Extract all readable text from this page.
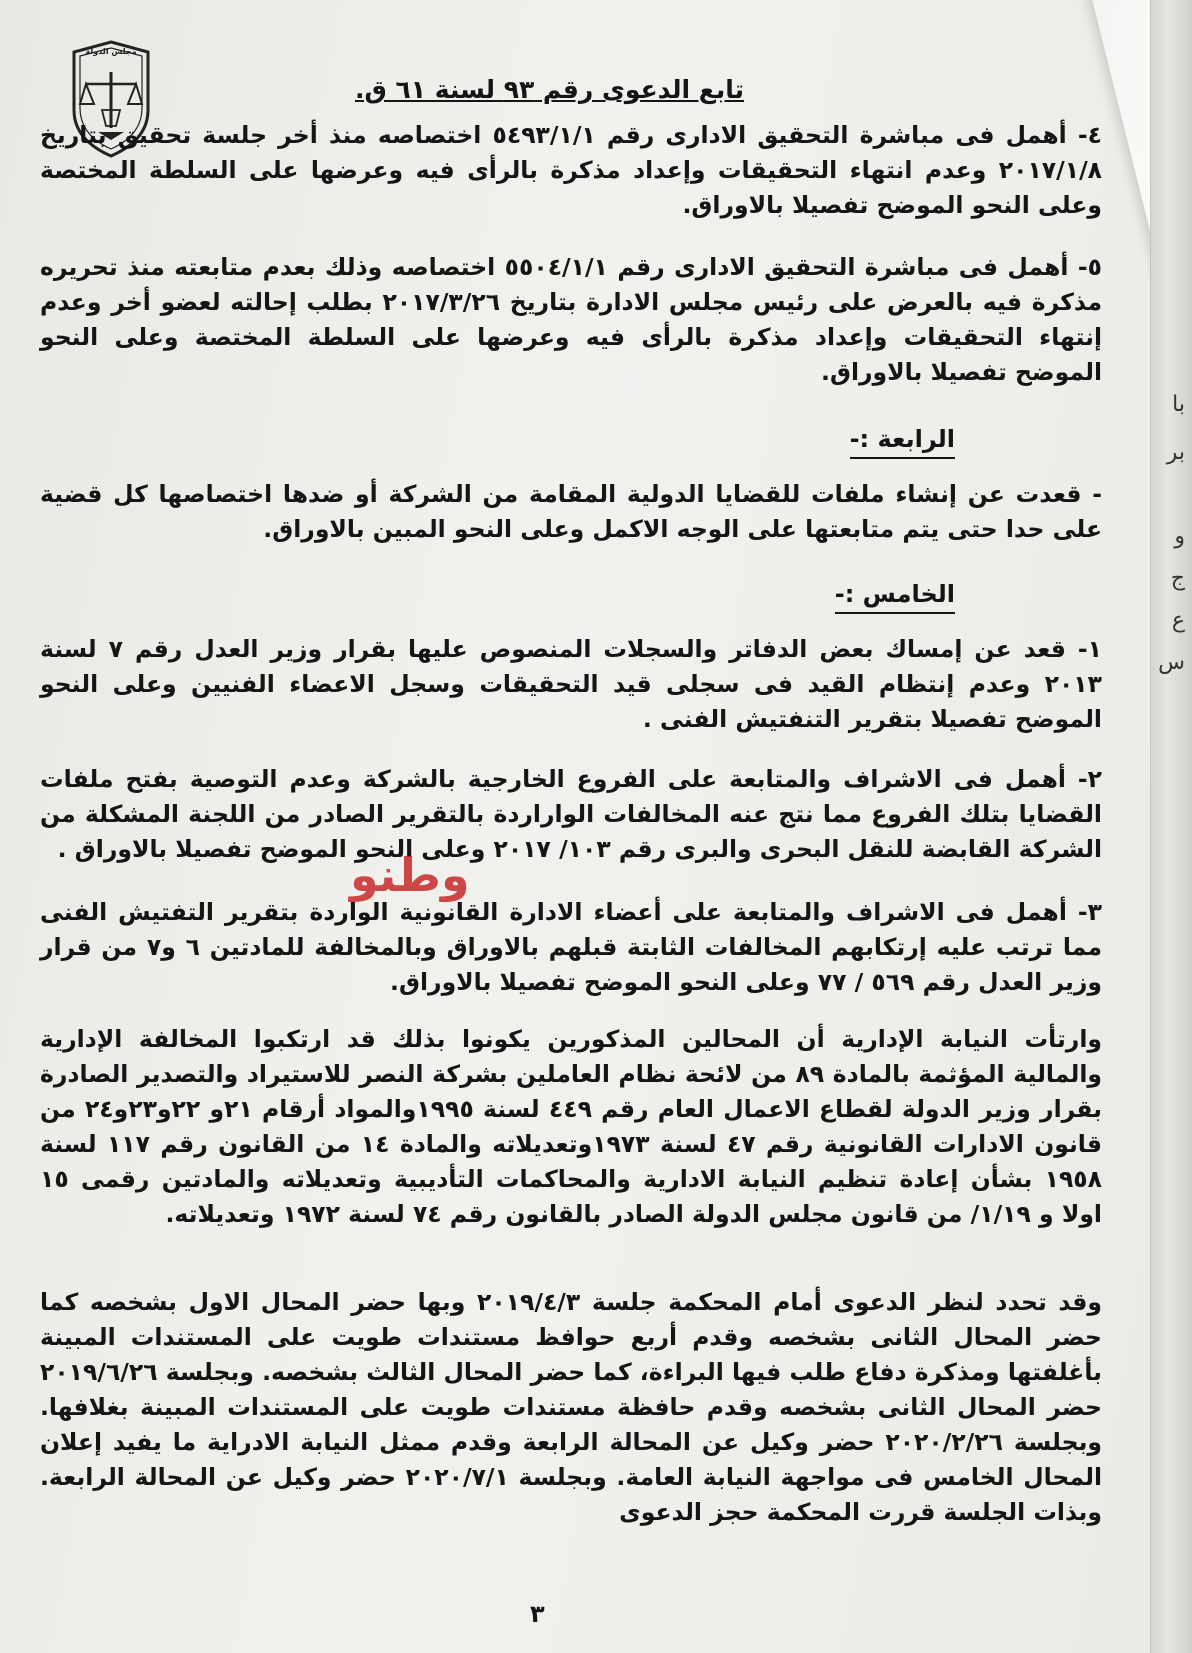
مجلس الدولة
تابع الدعوى رقم ٩٣ لسنة ٦١ ق.
٤- أهمل فى مباشرة التحقيق الادارى رقم ٥٤٩٣/١/١ اختصاصه منذ أخر جلسة تحقيق بتاريخ ٢٠١٧/١/٨ وعدم انتهاء التحقيقات وإعداد مذكرة بالرأى فيه وعرضها على السلطة المختصة وعلى النحو الموضح تفصيلا بالاوراق.
٥- أهمل فى مباشرة التحقيق الادارى رقم ٥٥٠٤/١/١ اختصاصه وذلك بعدم متابعته منذ تحريره مذكرة فيه بالعرض على رئيس مجلس الادارة بتاريخ ٢٠١٧/٣/٢٦ بطلب إحالته لعضو أخر وعدم إنتهاء التحقيقات وإعداد مذكرة بالرأى فيه وعرضها على السلطة المختصة وعلى النحو الموضح تفصيلا بالاوراق.
الرابعة :-
- قعدت عن إنشاء ملفات للقضايا الدولية المقامة من الشركة أو ضدها اختصاصها كل قضية على حدا حتى يتم متابعتها على الوجه الاكمل وعلى النحو المبين بالاوراق.
الخامس :-
١- قعد عن إمساك بعض الدفاتر والسجلات المنصوص عليها بقرار وزير العدل رقم ٧ لسنة ٢٠١٣ وعدم إنتظام القيد فى سجلى قيد التحقيقات وسجل الاعضاء الفنيين وعلى النحو الموضح تفصيلا بتقرير التنفتيش الفنى .
٢- أهمل فى الاشراف والمتابعة على الفروع الخارجية بالشركة وعدم التوصية بفتح ملفات القضايا بتلك الفروع مما نتج عنه المخالفات الواراردة بالتقرير الصادر من اللجنة المشكلة من الشركة القابضة للنقل البحرى والبرى رقم ١٠٣/ ٢٠١٧ وعلى النحو الموضح تفصيلا بالاوراق .
٣- أهمل فى الاشراف والمتابعة على أعضاء الادارة القانونية الواردة بتقرير التفتيش الفنى مما ترتب عليه إرتكابهم المخالفات الثابتة قبلهم بالاوراق وبالمخالفة للمادتين ٦ و٧ من قرار وزير العدل رقم ٥٦٩ / ٧٧ وعلى النحو الموضح تفصيلا بالاوراق.
وارتأت النيابة الإدارية أن المحالين المذكورين يكونوا بذلك قد ارتكبوا المخالفة الإدارية والمالية المؤثمة بالمادة ٨٩ من لائحة نظام العاملين بشركة النصر للاستيراد والتصدير الصادرة بقرار وزير الدولة لقطاع الاعمال العام رقم ٤٤٩ لسنة ١٩٩٥والمواد أرقام ٢١و ٢٢و٢٣و٢٤ من قانون الادارات القانونية رقم ٤٧ لسنة ١٩٧٣وتعديلاته والمادة ١٤ من القانون رقم ١١٧ لسنة ١٩٥٨ بشأن إعادة تنظيم النيابة الادارية والمحاكمات التأديبية وتعديلاته والمادتين رقمى ١٥ اولا و ١/١٩/ من قانون مجلس الدولة الصادر بالقانون رقم ٧٤ لسنة ١٩٧٢ وتعديلاته.
وقد تحدد لنظر الدعوى أمام المحكمة جلسة ٢٠١٩/٤/٣ وبها حضر المحال الاول بشخصه كما حضر المحال الثانى بشخصه وقدم أربع حوافظ مستندات طويت على المستندات المبينة بأغلفتها ومذكرة دفاع طلب فيها البراءة، كما حضر المحال الثالث بشخصه. وبجلسة ٢٠١٩/٦/٢٦ حضر المحال الثانى بشخصه وقدم حافظة مستندات طويت على المستندات المبينة بغلافها. وبجلسة ٢٠٢٠/٢/٢٦ حضر وكيل عن المحالة الرابعة وقدم ممثل النيابة الادراية ما يفيد إعلان المحال الخامس فى مواجهة النيابة العامة. وبجلسة ٢٠٢٠/٧/١ حضر وكيل عن المحالة الرابعة. وبذات الجلسة قررت المحكمة حجز الدعوى
وطنو
٣
با
بر
و
ج
ع
س
